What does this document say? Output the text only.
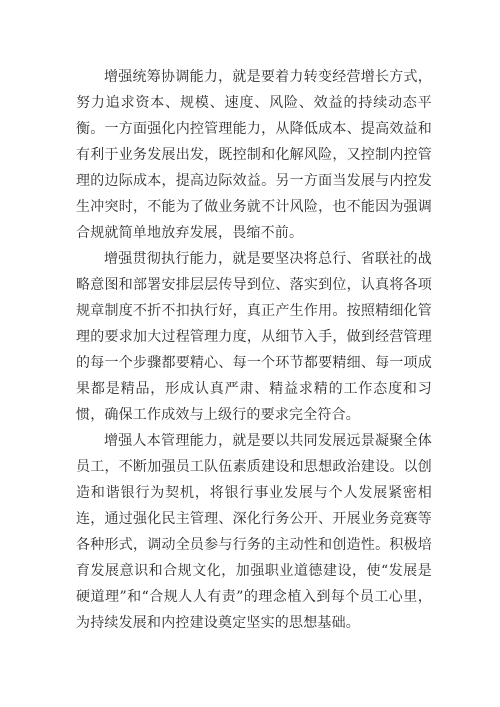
增强统筹协调能力，就是要着力转变经营增长方式，努力追求资本、规模、速度、风险、效益的持续动态平衡。一方面强化内控管理能力，从降低成本、提高效益和有利于业务发展出发，既控制和化解风险，又控制内控管理的边际成本，提高边际效益。另一方面当发展与内控发生冲突时，不能为了做业务就不计风险，也不能因为强调合规就简单地放弃发展，畏缩不前。

增强贯彻执行能力，就是要坚决将总行、省联社的战略意图和部署安排层层传导到位、落实到位，认真将各项规章制度不折不扣执行好，真正产生作用。按照精细化管理的要求加大过程管理力度，从细节入手，做到经营管理的每一个步骤都要精心、每一个环节都要精细、每一项成果都是精品，形成认真严肃、精益求精的工作态度和习惯，确保工作成效与上级行的要求完全符合。

增强人本管理能力，就是要以共同发展远景凝聚全体员工，不断加强员工队伍素质建设和思想政治建设。以创造和谐银行为契机，将银行事业发展与个人发展紧密相连，通过强化民主管理、深化行务公开、开展业务竞赛等各种形式，调动全员参与行务的主动性和创造性。积极培育发展意识和合规文化，加强职业道德建设，使“发展是硬道理”和“合规人人有责”的理念植入到每个员工心里，为持续发展和内控建设奠定坚实的思想基础。
